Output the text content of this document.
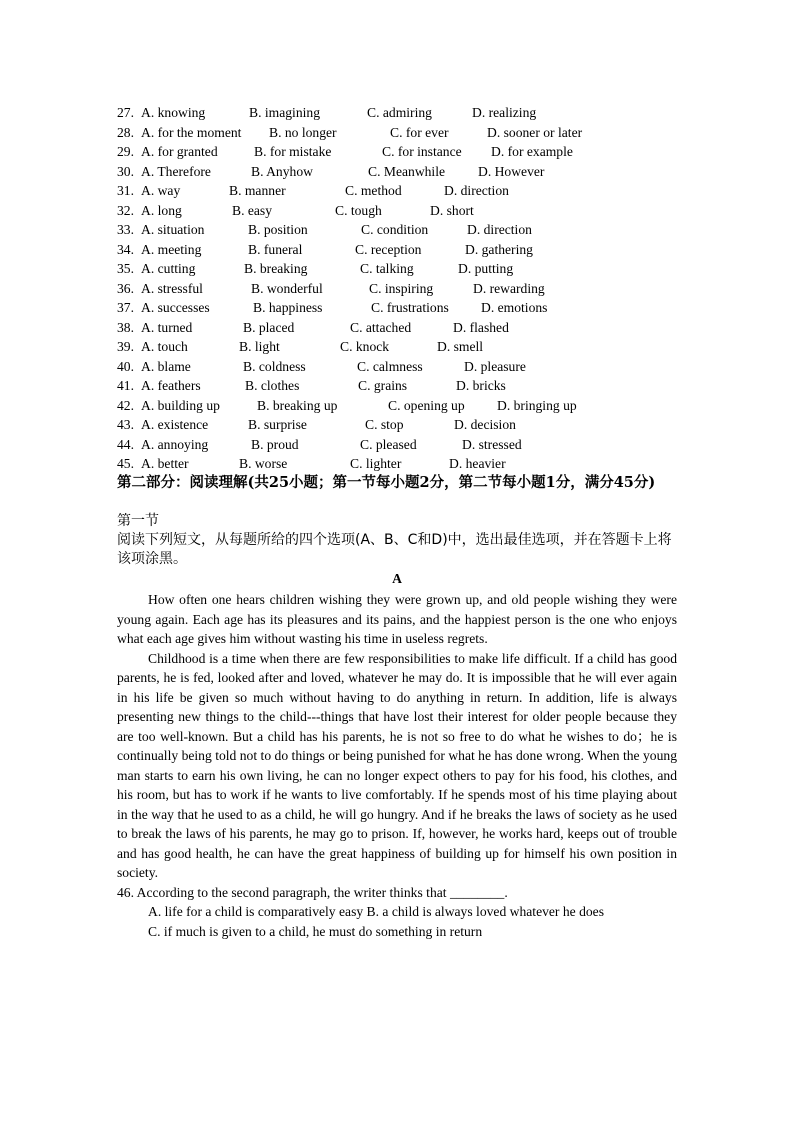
27. A. knowing	B. imagining	C. admiring	D. realizing
28. A. for the moment B. no longer	C. for ever	D. sooner or later
29. A. for granted	B. for mistake	C. for instance D. for example
30. A. Therefore	B. Anyhow	C. Meanwhile D. However
31. A. way	B. manner	C. method	D. direction
32. A. long	B. easy	C. tough	D. short
33. A. situation	B. position	C. condition	D. direction
34. A. meeting	B. funeral	C. reception	D. gathering
35. A. cutting	B. breaking	C. talking	D. putting
36. A. stressful	B. wonderful	C. inspiring	D. rewarding
37. A. successes	B. happiness	C. frustrations D. emotions
38. A. turned	B. placed	C. attached	D. flashed
39. A. touch	B. light	C. knock	D. smell
40. A. blame	B. coldness	C. calmness	D. pleasure
41. A. feathers	B. clothes	C. grains	D. bricks
42. A. building up	B. breaking up	C. opening up D. bringing up
43. A. existence	B. surprise	C. stop	D. decision
44. A. annoying	B. proud	C. pleased	D. stressed
45. A. better	B. worse	C. lighter	D. heavier
第二部分：阅读理解(共25小题；第一节每小题2分，第二节每小题1分，满分45分)
第一节
阅读下列短文，从每题所给的四个选项(A、B、C和D)中，选出最佳选项，并在答题卡上将该项涂黑。
A

How often one hears children wishing they were grown up, and old people wishing they were young again. Each age has its pleasures and its pains, and the happiest person is the one who enjoys what each age gives him without wasting his time in useless regrets.

Childhood is a time when there are few responsibilities to make life difficult. If a child has good parents, he is fed, looked after and loved, whatever he may do. It is impossible that he will ever again in his life be given so much without having to do anything in return. In addition, life is always presenting new things to the child---things that have lost their interest for older people because they are too well-known. But a child has his parents, he is not so free to do what he wishes to do；he is continually being told not to do things or being punished for what he has done wrong. When the young man starts to earn his own living, he can no longer expect others to pay for his food, his clothes, and his room, but has to work if he wants to live comfortably. If he spends most of his time playing about in the way that he used to as a child, he will go hungry. And if he breaks the laws of society as he used to break the laws of his parents, he may go to prison. If, however, he works hard, keeps out of trouble and has good health, he can have the great happiness of building up for himself his own position in society.

46. According to the second paragraph, the writer thinks that ________.

A. life for a child is comparatively easy B. a child is always loved whatever he does

C. if much is given to a child, he must do something in return
